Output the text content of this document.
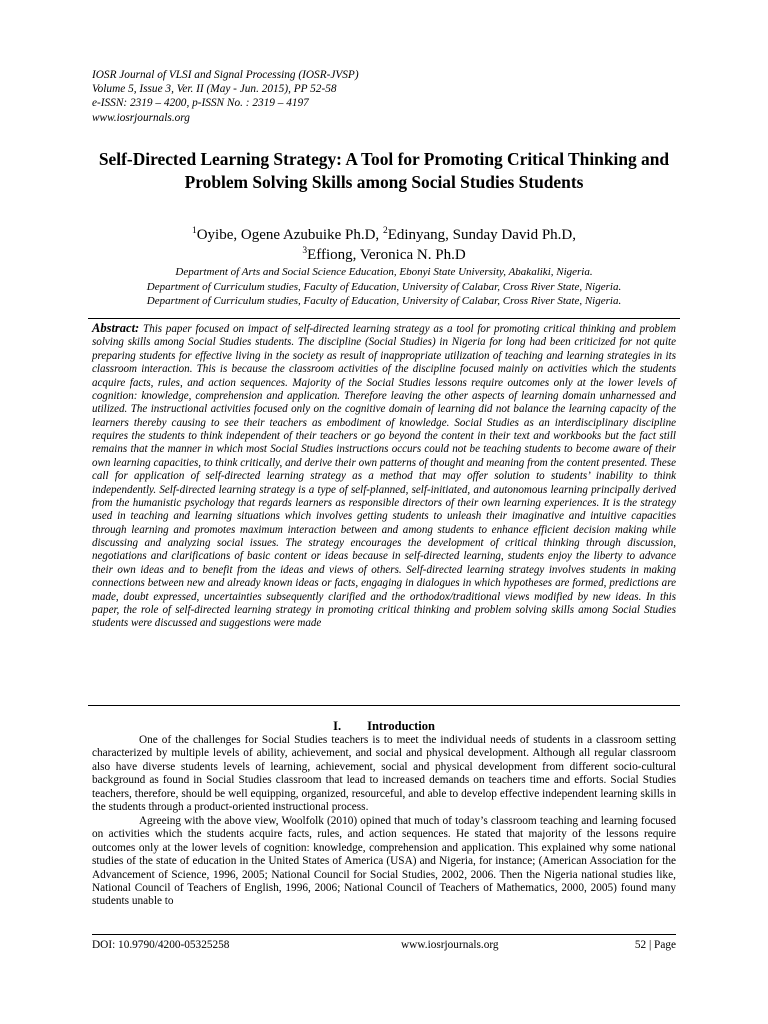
IOSR Journal of VLSI and Signal Processing (IOSR-JVSP)
Volume 5, Issue 3, Ver. II (May - Jun. 2015), PP 52-58
e-ISSN: 2319 – 4200, p-ISSN No. : 2319 – 4197
www.iosrjournals.org
Self-Directed Learning Strategy: A Tool for Promoting Critical Thinking and Problem Solving Skills among Social Studies Students
$^1$Oyibe, Ogene Azubuike Ph.D, $^2$Edinyang, Sunday David Ph.D,
$^3$Effiong, Veronica N. Ph.D
Department of Arts and Social Science Education, Ebonyi State University, Abakaliki, Nigeria.
Department of Curriculum studies, Faculty of Education, University of Calabar, Cross River State, Nigeria.
Department of Curriculum studies, Faculty of Education, University of Calabar, Cross River State, Nigeria.
Abstract: This paper focused on impact of self-directed learning strategy as a tool for promoting critical thinking and problem solving skills among Social Studies students. The discipline (Social Studies) in Nigeria for long had been criticized for not quite preparing students for effective living in the society as result of inappropriate utilization of teaching and learning strategies in its classroom interaction. This is because the classroom activities of the discipline focused mainly on activities which the students acquire facts, rules, and action sequences. Majority of the Social Studies lessons require outcomes only at the lower levels of cognition: knowledge, comprehension and application. Therefore leaving the other aspects of learning domain unharnessed and utilized. The instructional activities focused only on the cognitive domain of learning did not balance the learning capacity of the learners thereby causing to see their teachers as embodiment of knowledge. Social Studies as an interdisciplinary discipline requires the students to think independent of their teachers or go beyond the content in their text and workbooks but the fact still remains that the manner in which most Social Studies instructions occurs could not be teaching students to become aware of their own learning capacities, to think critically, and derive their own patterns of thought and meaning from the content presented. These call for application of self-directed learning strategy as a method that may offer solution to students’ inability to think independently. Self-directed learning strategy is a type of self-planned, self-initiated, and autonomous learning principally derived from the humanistic psychology that regards learners as responsible directors of their own learning experiences. It is the strategy used in teaching and learning situations which involves getting students to unleash their imaginative and intuitive capacities through learning and promotes maximum interaction between and among students to enhance efficient decision making while discussing and analyzing social issues. The strategy encourages the development of critical thinking through discussion, negotiations and clarifications of basic content or ideas because in self-directed learning, students enjoy the liberty to advance their own ideas and to benefit from the ideas and views of others. Self-directed learning strategy involves students in making connections between new and already known ideas or facts, engaging in dialogues in which hypotheses are formed, predictions are made, doubt expressed, uncertainties subsequently clarified and the orthodox/traditional views modified by new ideas. In this paper, the role of self-directed learning strategy in promoting critical thinking and problem solving skills among Social Studies students were discussed and suggestions were made
I. Introduction

One of the challenges for Social Studies teachers is to meet the individual needs of students in a classroom setting characterized by multiple levels of ability, achievement, and social and physical development. Although all regular classroom also have diverse students levels of learning, achievement, social and physical development from different socio-cultural background as found in Social Studies classroom that lead to increased demands on teachers time and efforts. Social Studies teachers, therefore, should be well equipping, organized, resourceful, and able to develop effective independent learning skills in the students through a product-oriented instructional process.

Agreeing with the above view, Woolfolk (2010) opined that much of today’s classroom teaching and learning focused on activities which the students acquire facts, rules, and action sequences. He stated that majority of the lessons require outcomes only at the lower levels of cognition: knowledge, comprehension and application. This explained why some national studies of the state of education in the United States of America (USA) and Nigeria, for instance; (American Association for the Advancement of Science, 1996, 2005; National Council for Social Studies, 2002, 2006. Then the Nigeria national studies like, National Council of Teachers of English, 1996, 2006; National Council of Teachers of Mathematics, 2000, 2005) found many students unable to

DOI: 10.9790/4200-05325258	www.iosrjournals.org	52 | Page
